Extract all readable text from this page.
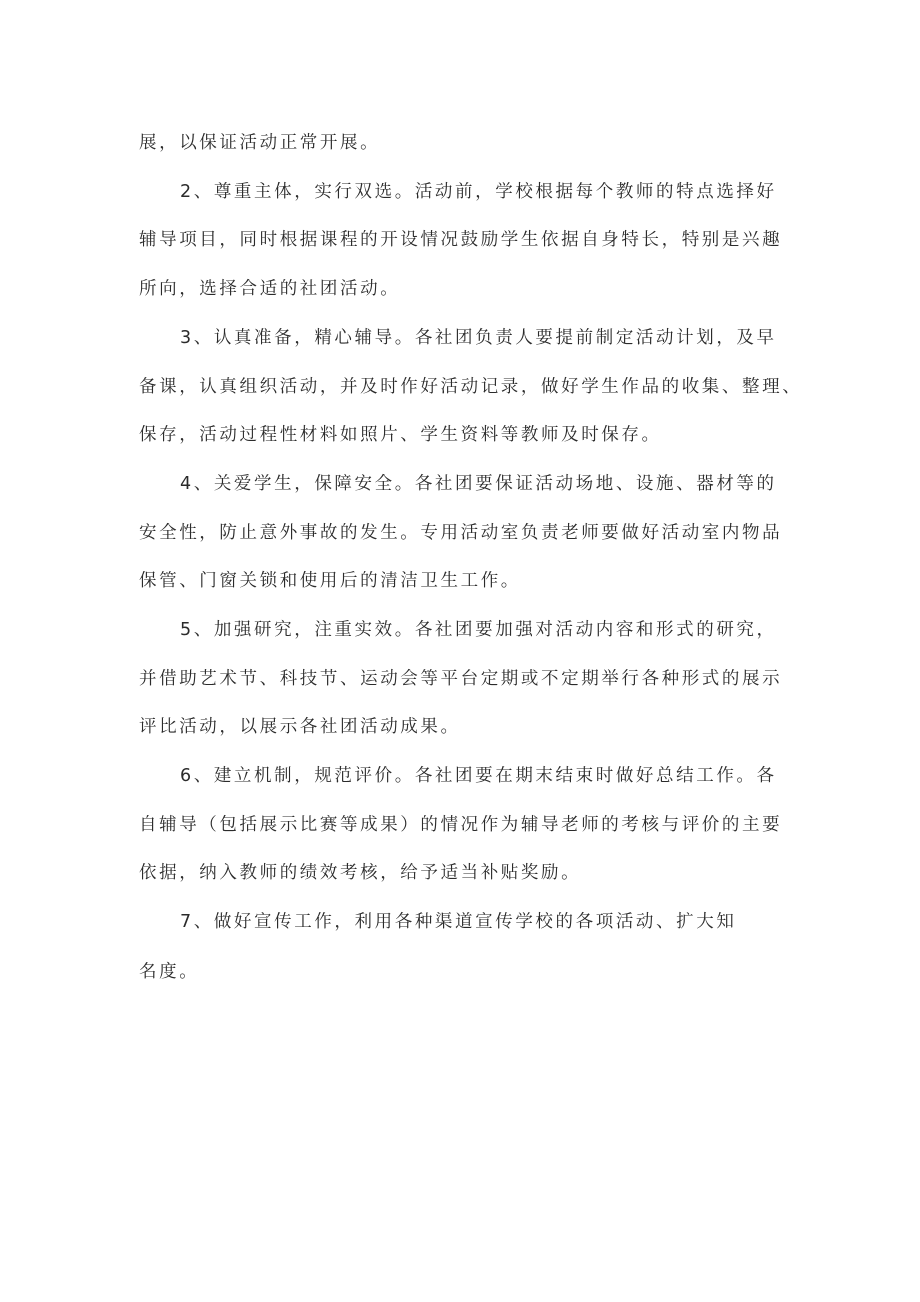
展，以保证活动正常开展。
2、尊重主体，实行双选。活动前，学校根据每个教师的特点选择好
辅导项目，同时根据课程的开设情况鼓励学生依据自身特长，特别是兴趣
所向，选择合适的社团活动。
3、认真准备，精心辅导。各社团负责人要提前制定活动计划，及早
备课，认真组织活动，并及时作好活动记录，做好学生作品的收集、整理、
保存，活动过程性材料如照片、学生资料等教师及时保存。
4、关爱学生，保障安全。各社团要保证活动场地、设施、器材等的
安全性，防止意外事故的发生。专用活动室负责老师要做好活动室内物品
保管、门窗关锁和使用后的清洁卫生工作。
5、加强研究，注重实效。各社团要加强对活动内容和形式的研究，
并借助艺术节、科技节、运动会等平台定期或不定期举行各种形式的展示
评比活动，以展示各社团活动成果。
6、建立机制，规范评价。各社团要在期末结束时做好总结工作。各
自辅导（包括展示比赛等成果）的情况作为辅导老师的考核与评价的主要
依据，纳入教师的绩效考核，给予适当补贴奖励。
7、做好宣传工作，利用各种渠道宣传学校的各项活动、扩大知
名度。
